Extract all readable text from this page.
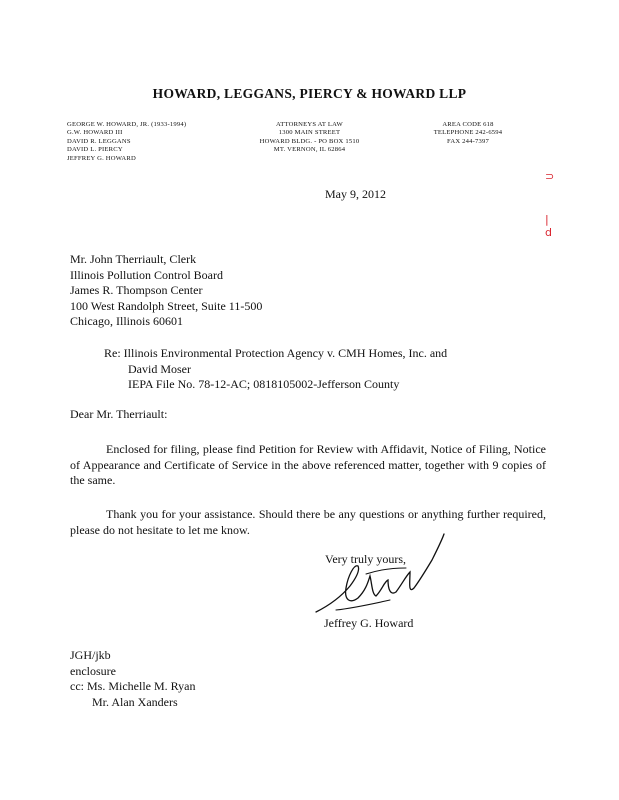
HOWARD, LEGGANS, PIERCY & HOWARD LLP
GEORGE W. HOWARD, JR. (1933-1994)
G.W. HOWARD III
DAVID R. LEGGANS
DAVID L. PIERCY
JEFFREY G. HOWARD
ATTORNEYS AT LAW
1300 MAIN STREET
HOWARD BLDG. - PO BOX 1510
MT. VERNON, IL 62864
AREA CODE 618
TELEPHONE 242-6594
FAX 244-7397
May 9, 2012
Mr. John Therriault, Clerk
Illinois Pollution Control Board
James R. Thompson Center
100 West Randolph Street, Suite 11-500
Chicago, Illinois 60601
Re: Illinois Environmental Protection Agency v. CMH Homes, Inc. and
David Moser
IEPA File No. 78-12-AC; 0818105002-Jefferson County
Dear Mr. Therriault:
Enclosed for filing, please find Petition for Review with Affidavit, Notice of Filing, Notice of Appearance and Certificate of Service in the above referenced matter, together with 9 copies of the same.
Thank you for your assistance. Should there be any questions or anything further required, please do not hesitate to let me know.
Very truly yours,
Jeffrey G. Howard
JGH/jkb
enclosure
cc: Ms. Michelle M. Ryan
Mr. Alan Xanders
⊃
|
d
